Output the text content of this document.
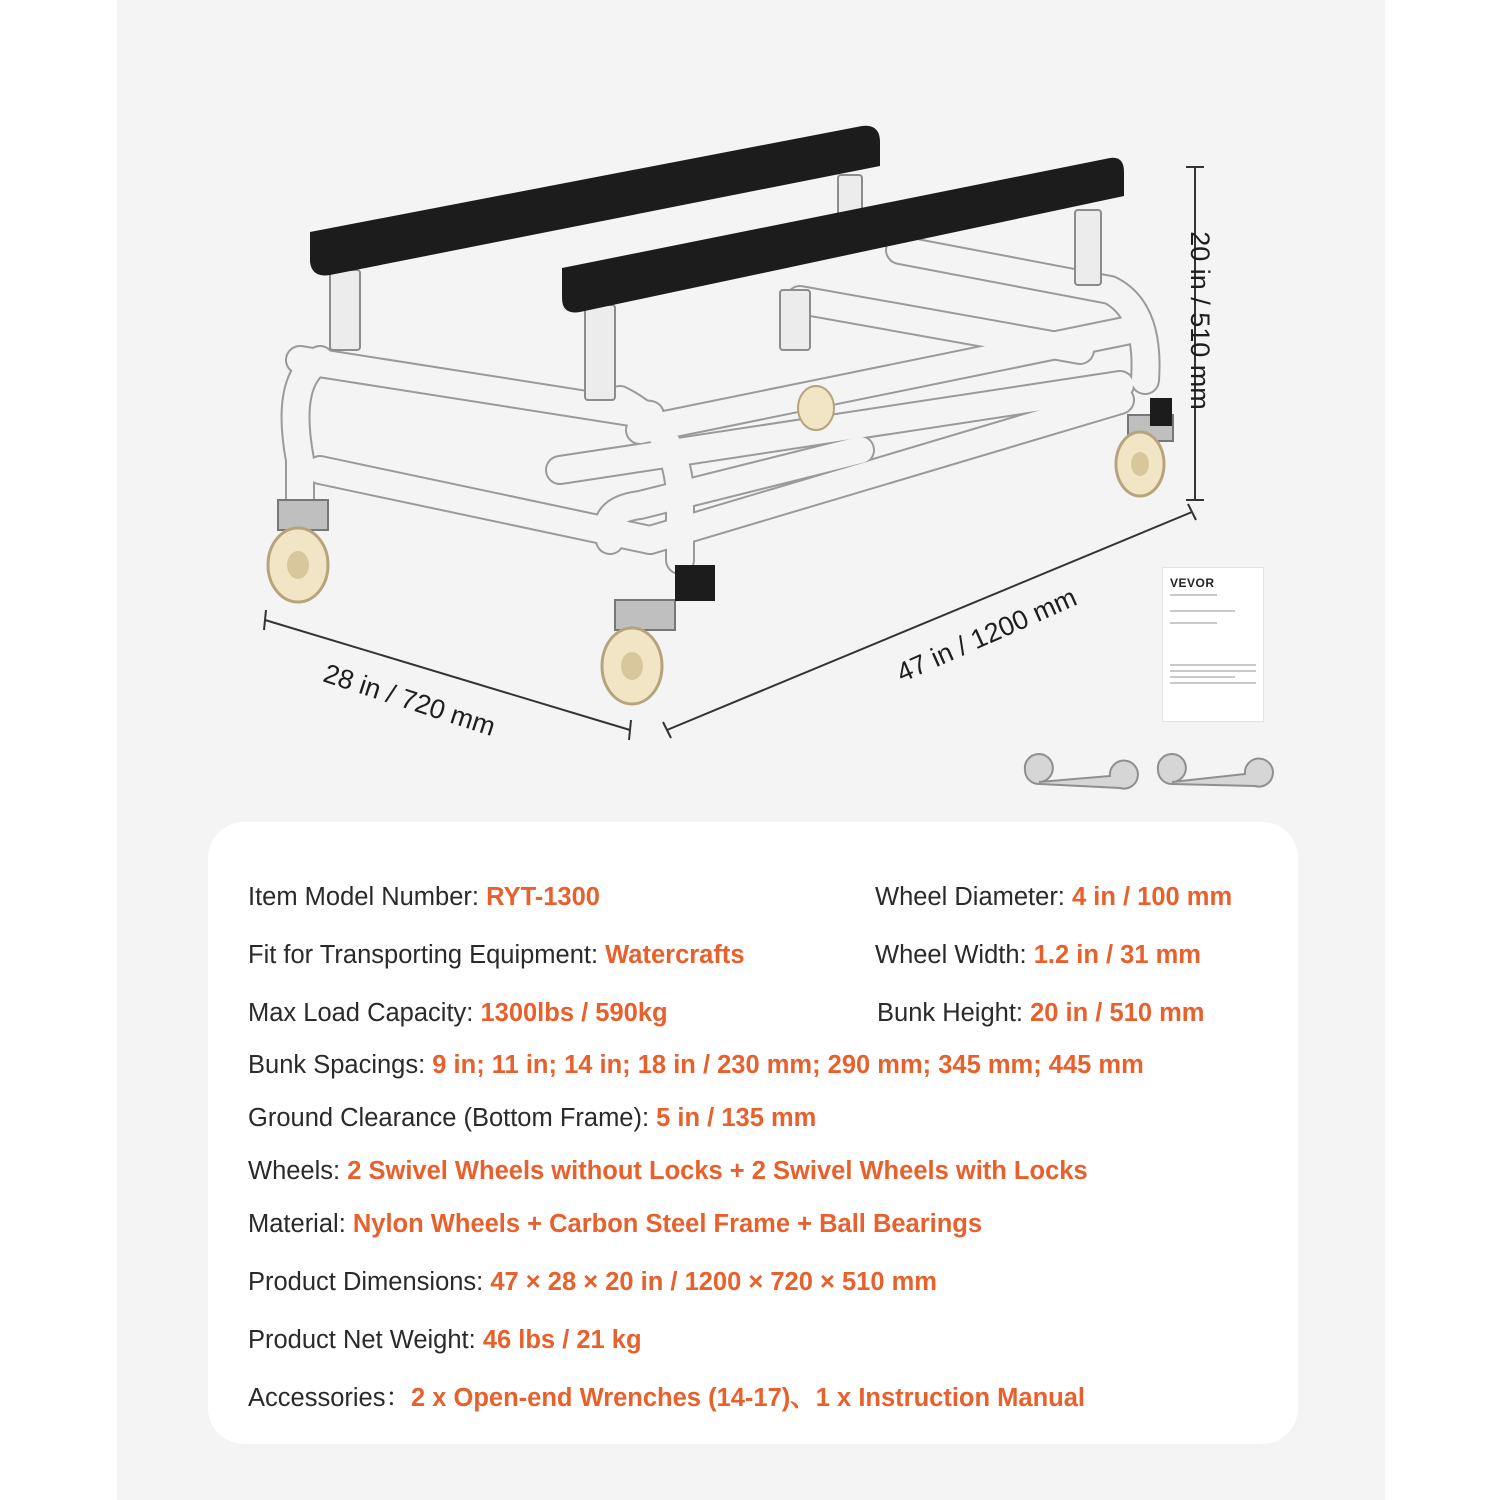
20 in / 510 mm
28 in / 720 mm
47 in / 1200 mm	VEVOR
Item Model Number: RYT-1300
Fit for Transporting Equipment: Watercrafts
Max Load Capacity: 1300lbs / 590kg
Wheel Diameter: 4 in / 100 mm
Wheel Width: 1.2 in / 31 mm
Bunk Height: 20 in / 510 mm
Bunk Spacings: 9 in; 11 in; 14 in; 18 in / 230 mm; 290 mm; 345 mm; 445 mm
Ground Clearance (Bottom Frame): 5 in / 135 mm
Wheels: 2 Swivel Wheels without Locks + 2 Swivel Wheels with Locks
Material: Nylon Wheels + Carbon Steel Frame + Ball Bearings
Product Dimensions: 47 × 28 × 20 in / 1200 × 720 × 510 mm
Product Net Weight: 46 lbs / 21 kg
Accessories：2 x Open-end Wrenches (14-17)、1 x Instruction Manual
